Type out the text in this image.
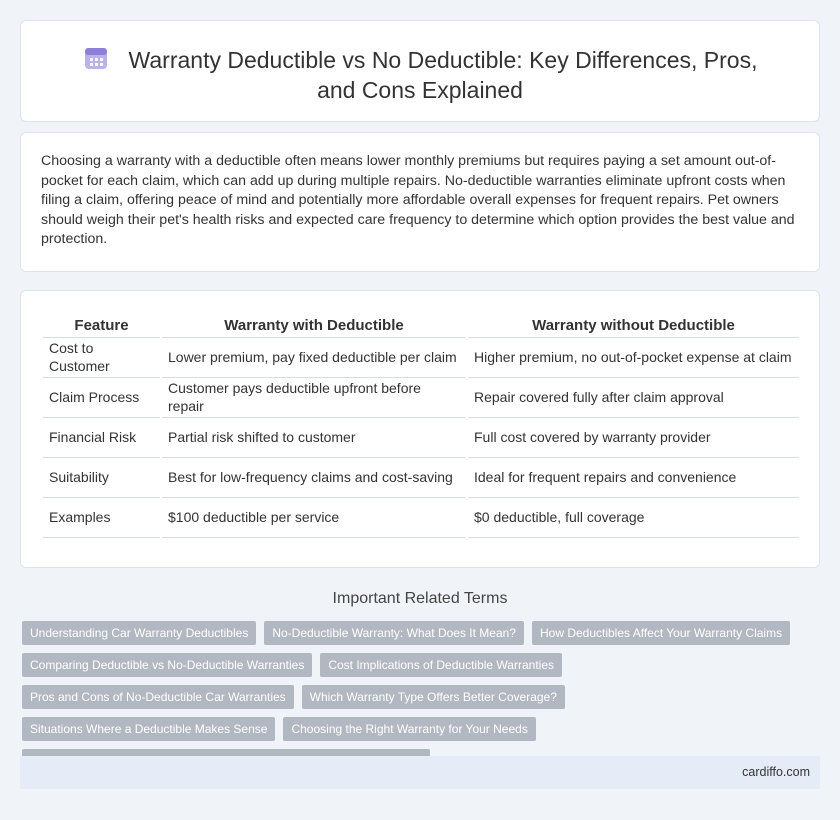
Warranty Deductible vs No Deductible: Key Differences, Pros, and Cons Explained

Choosing a warranty with a deductible often means lower monthly premiums but requires paying a set amount out-of-pocket for each claim, which can add up during multiple repairs. No-deductible warranties eliminate upfront costs when filing a claim, offering peace of mind and potentially more affordable overall expenses for frequent repairs. Pet owners should weigh their pet's health risks and expected care frequency to determine which option provides the best value and protection.

Feature	Warranty with Deductible	Warranty without Deductible
Cost to Customer	Lower premium, pay fixed deductible per claim	Higher premium, no out-of-pocket expense at claim
Claim Process	Customer pays deductible upfront before repair	Repair covered fully after claim approval
Financial Risk	Partial risk shifted to customer	Full cost covered by warranty provider
Suitability	Best for low-frequency claims and cost-saving	Ideal for frequent repairs and convenience
Examples	$100 deductible per service	$0 deductible, full coverage
Important Related Terms
Understanding Car Warranty Deductibles	No-Deductible Warranty: What Does It Mean?	How Deductibles Affect Your Warranty Claims
Comparing Deductible vs No-Deductible Warranties	Cost Implications of Deductible Warranties
Pros and Cons of No-Deductible Car Warranties	Which Warranty Type Offers Better Coverage?
Situations Where a Deductible Makes Sense	Choosing the Right Warranty for Your Needs
cardiffo.com
